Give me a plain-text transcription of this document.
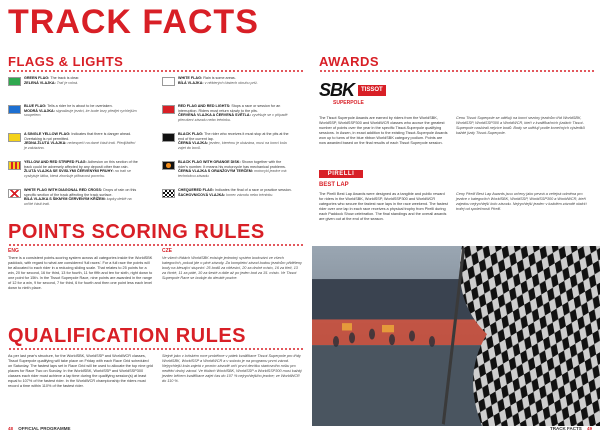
TRACK FACTS
FLAGS & LIGHTS
GREEN FLAG: The track is clear.
ZELENÁ VLAJKA: Trať je volná.
BLUE FLAG: Tells a rider he is about to be overtaken.
MODRÁ VLAJKA: signalizuje jezdci, že bude brzy předjet rychlejším soupeřem.
A SINGLE YELLOW FLAG: Indicates that there is danger ahead. Overtaking is not permitted.
JEDNA ŽLUTÁ VLAJKA: nebezpečí na dané části trati. Předjíždění je zakázáno.
YELLOW AND RED STRIPED FLAG: Adhesion on this section of the track could be adversely affected by any deposit other than rain.
ŽLUTÁ VLAJKA SE SVISLÝMI ČERVENÝMI PRUHY: na trati se vyskytuje látka, která zhoršuje přilnavost povrchu.
WHITE FLAG WITH DIAGONAL RED CROSS: Drops of rain on this specific section of the track affecting the track surface.
BÍLÁ VLAJKA S ŠIKMÝM ČERVENÝM KŘÍŽEM: kapky deště na určité části trati.
WHITE FLAG: Rain is some areas.
BÍLÁ VLAJKA: v některých částech okruhu prší.
RED FLAG AND RED LIGHTS: Stops a race or session for an interruption. Riders must return slowly to the pits.
ČERVENÁ VLAJKA A ČERVENÁ SVĚTLA: vyvěšuje se v případě přerušení závodu nebo tréninku.
BLACK FLAG: The rider who receives it must stop at the pits at the end of the current lap.
ČERNÁ VLAJKA: jezdec, kterému je ukázána, musí na konci kola zajet do boxů.
BLACK FLAG WITH ORANGE DISK: Shown together with the rider's number. It means his motorcycle has mechanical problems.
ČERNÁ VLAJKA S ORANŽOVÝM TERČEM: motocykl jezdce má technickou závadu.
CHEQUERED FLAG: Indicates the final of a race or practice session.
ŠACHOVNICOVÁ VLAJKA: konec závodu nebo tréninku.
POINTS SCORING RULES
ENG	CZE
There is a consistent points-scoring system across all categories inside the WorldSBK paddock, with regard to what are considered 'full races'. For a full race the points will be allocated to each rider in a reducing sliding scale. That relates to 25 points for a win, 20 for second, 16 for third, 13 for fourth, 11 for fifth and ten for sixth, right down to one point for 15th. In the Tissot Superpole Race, nine points are awarded in the range of 12 for a win, 9 for second, 7 for third, 6 for fourth and then one point less each level down to ninth place.
Ve všech třídách WorldSBK existuje jednotný systém bodování ve všech kategoriích, pokud jde o plné závody. Za kompletní závod budou jezdcům přiděleny body na klesající stupnici: 25 bodů za vítězství, 20 za druhé místo, 16 za třetí, 13 za čtvrté, 11 za páté, 10 za šesté a dále až po jeden bod za 15. místo. Ve Tissot Superpole Race se boduje do deváté pozice.
QUALIFICATION RULES
As per last year's structure, for the WorldSBK, WorldSSP and WorldWCR classes, Tissot Superpole qualifying will take place on Friday with each Race Grid scheduled on Saturday. The fastest laps set in Race Grid will be used to allocate the top nine grid places for Race Two on Sunday. In the WorldSBK, WorldSSP and WorldSSP300 classes each rider must achieve a lap time during the qualifying session(s) at least equal to 107% of the fastest rider. In the WorldWCR championship the riders must record a time within 110% of the fastest rider.
Stejně jako v loňském roce proběhne v pátek kvalifikace Tissot Superpole pro třídy WorldSBK, WorldSSP a WorldWCR a v sobotu je na programu první závod. Nejrychlejší kola zajetá v prvním závodě určí první devítku startovního roštu pro nedělní druhý závod. Ve třídách WorldSBK, WorldSSP a WorldSSP300 musí každý jezdec během kvalifikace zajet čas do 107 % nejrychlejšího jezdce; ve WorldWCR do 110 %.
AWARDS
SBK	TISSOT
SUPERPOLE
The Tissot Superpole Awards are earned by riders from the WorldSBK, WorldSSP, WorldSSP300 and WorldWCR classes who accrue the greatest number of points over the year in the specific Tissot-Superpole qualifying sessions. In Assen, in exact addition to the existing Tissot-Superpole Awards won up to turns of the blue ribbon WorldSBK category podium. Points are now awarded based on the final results of each Tissot Superpole session.
Cenu Tissot Superpole se udělují na konci sezóny jezdcům tříd WorldSBK, WorldSSP, WorldSSP300 a WorldWCR, kteří v kvalifikačních jízdách Tissot-Superpole nasbírali nejvíce bodů. Body se udělují podle konečných výsledků každé jízdy Tissot-Superpole.
PIRELLI
BEST LAP
The Pirelli Best Lap Awards were designed as a tangible and public reward for riders in the WorldSBK, WorldSSP, WorldSSP300 and WorldWCR categories who secure the fastest race laps in the race weekend. The fastest rider over one lap in each race receives a physical trophy from Pirelli during each Paddock Show celebration. The final standings and the overall awards are given out at the end of the season.
Ceny Pirelli Best Lap Awards jsou určeny jako pevná a veřejná odměna pro jezdce v kategoriích WorldSBK, WorldSSP, WorldSSP300 a WorldWCR, kteří zajedou nejrychlejší kolo závodu. Nejrychlejší jezdec v každém závodě obdrží trofej od společnosti Pirelli.
48 OFFICIAL PROGRAMME	TRACK FACTS 49
